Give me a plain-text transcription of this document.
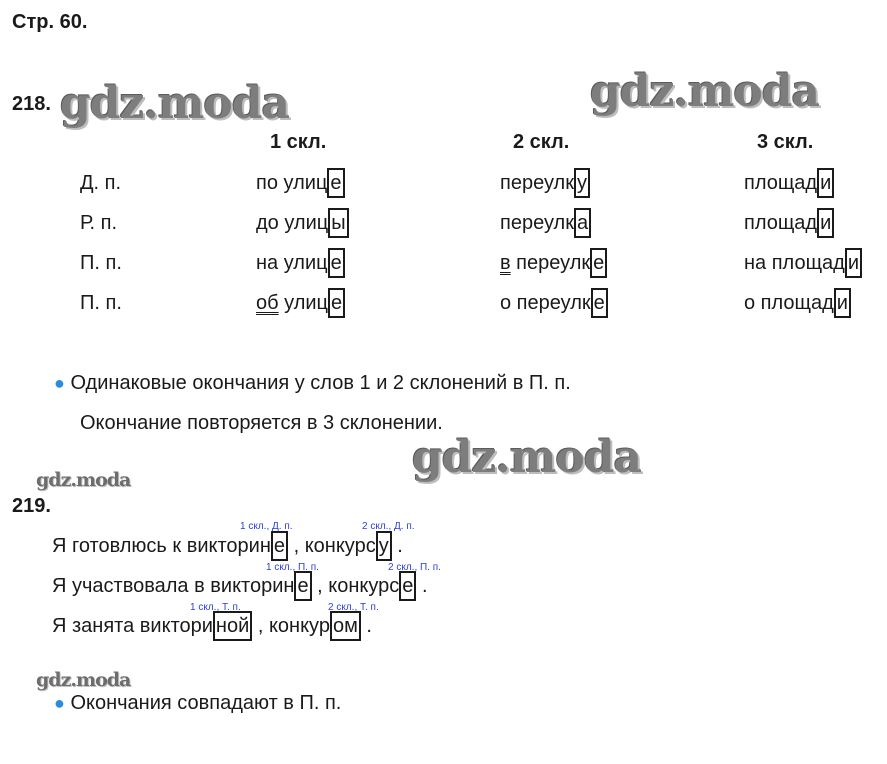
Стр. 60.
gdz.moda	gdz.moda
gdz.moda
gdz.moda
gdz.moda
218.
1 скл.	2 скл.	3 скл.
Д. п.	по улиц е	переулк у	площад и
Р. п.	до улиц ы	переулк а	площад и
П. п.	на улиц е	в переулк е	на площад и
П. п.	об улиц е	о переулк е	о площад и
● Одинаковые окончания у слов 1 и 2 склонений в П. п.
Окончание повторяется в 3 склонении.
219.
1 скл., Д. п.	2 скл., Д. п.
Я готовлюсь к викторин е , конкурс у .
1 скл., П. п.	2 скл., П. п.
Я участвовала в викторин е , конкурс е .
1 скл., Т. п.	2 скл., Т. п.
Я занята виктори ной , конкур ом .
● Окончания совпадают в П. п.
